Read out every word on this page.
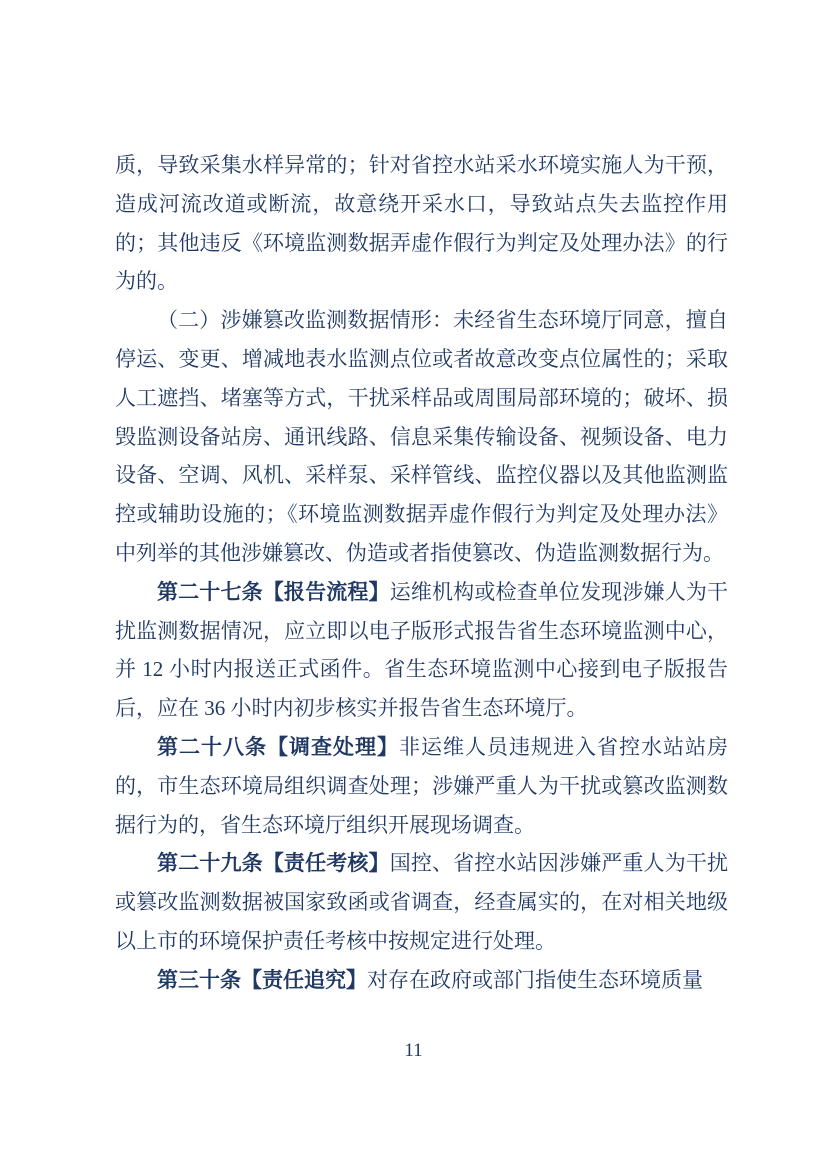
质，导致采集水样异常的；针对省控水站采水环境实施人为干预，造成河流改道或断流，故意绕开采水口，导致站点失去监控作用的；其他违反《环境监测数据弄虚作假行为判定及处理办法》的行为的。

（二）涉嫌篡改监测数据情形：未经省生态环境厅同意，擅自停运、变更、增减地表水监测点位或者故意改变点位属性的；采取人工遮挡、堵塞等方式，干扰采样品或周围局部环境的；破坏、损毁监测设备站房、通讯线路、信息采集传输设备、视频设备、电力设备、空调、风机、采样泵、采样管线、监控仪器以及其他监测监控或辅助设施的；《环境监测数据弄虚作假行为判定及处理办法》中列举的其他涉嫌篡改、伪造或者指使篡改、伪造监测数据行为。

第二十七条【报告流程】运维机构或检查单位发现涉嫌人为干扰监测数据情况，应立即以电子版形式报告省生态环境监测中心，并 12 小时内报送正式函件。省生态环境监测中心接到电子版报告后，应在 36 小时内初步核实并报告省生态环境厅。

第二十八条【调查处理】非运维人员违规进入省控水站站房的，市生态环境局组织调查处理；涉嫌严重人为干扰或篡改监测数据行为的，省生态环境厅组织开展现场调查。

第二十九条【责任考核】国控、省控水站因涉嫌严重人为干扰或篡改监测数据被国家致函或省调查，经查属实的，在对相关地级以上市的环境保护责任考核中按规定进行处理。

第三十条【责任追究】对存在政府或部门指使生态环境质量

11
